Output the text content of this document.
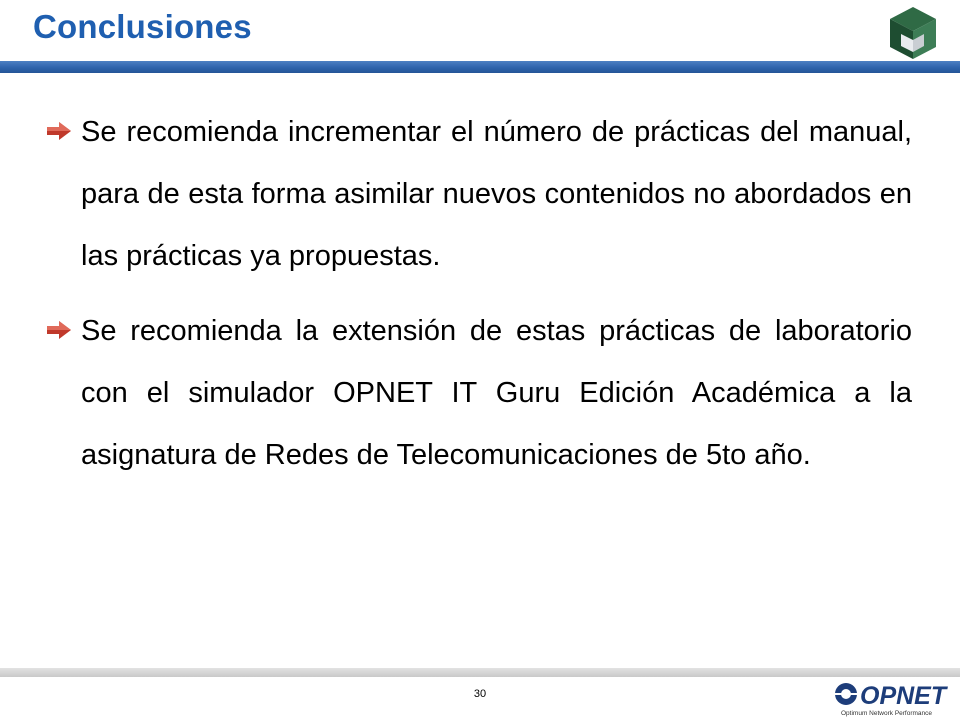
Conclusiones
Se recomienda incrementar el número de prácticas del manual, para de esta forma asimilar nuevos contenidos no abordados en las prácticas ya propuestas.
Se recomienda la extensión de estas prácticas de laboratorio con el simulador OPNET IT Guru Edición Académica a la asignatura de Redes de Telecomunicaciones de 5to año.
30	OPNET
Optimum Network Performance
